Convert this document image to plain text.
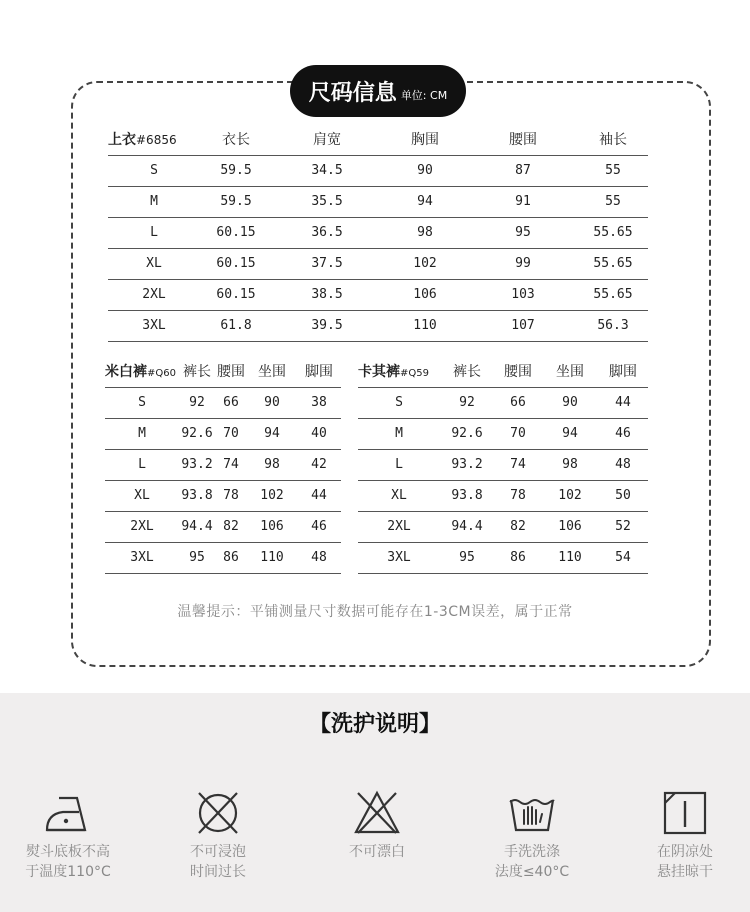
尺码信息 单位: CM
上衣#6856	衣长	肩宽	胸围	腰围	袖长
S	59.5	34.5	90	87	55
M	59.5	35.5	94	91	55
L	60.15	36.5	98	95	55.65
XL	60.15	37.5	102	99	55.65
2XL	60.15	38.5	106	103	55.65
3XL	61.8	39.5	110	107	56.3
米白裤#Q60	裤长	腰围	坐围	脚围
S	92	66	90	38
M	92.6	70	94	40
L	93.2	74	98	42
XL	93.8	78	102	44
2XL	94.4	82	106	46
3XL	95	86	110	48
卡其裤#Q59	裤长	腰围	坐围	脚围
S	92	66	90	44
M	92.6	70	94	46
L	93.2	74	98	48
XL	93.8	78	102	50
2XL	94.4	82	106	52
3XL	95	86	110	54
温馨提示：平铺测量尺寸数据可能存在1-3CM误差，属于正常
【洗护说明】
熨斗底板不高
于温度110°C
不可浸泡
时间过长
不可漂白	手洗洗涤
法度≤40°C
在阴凉处
悬挂晾干
